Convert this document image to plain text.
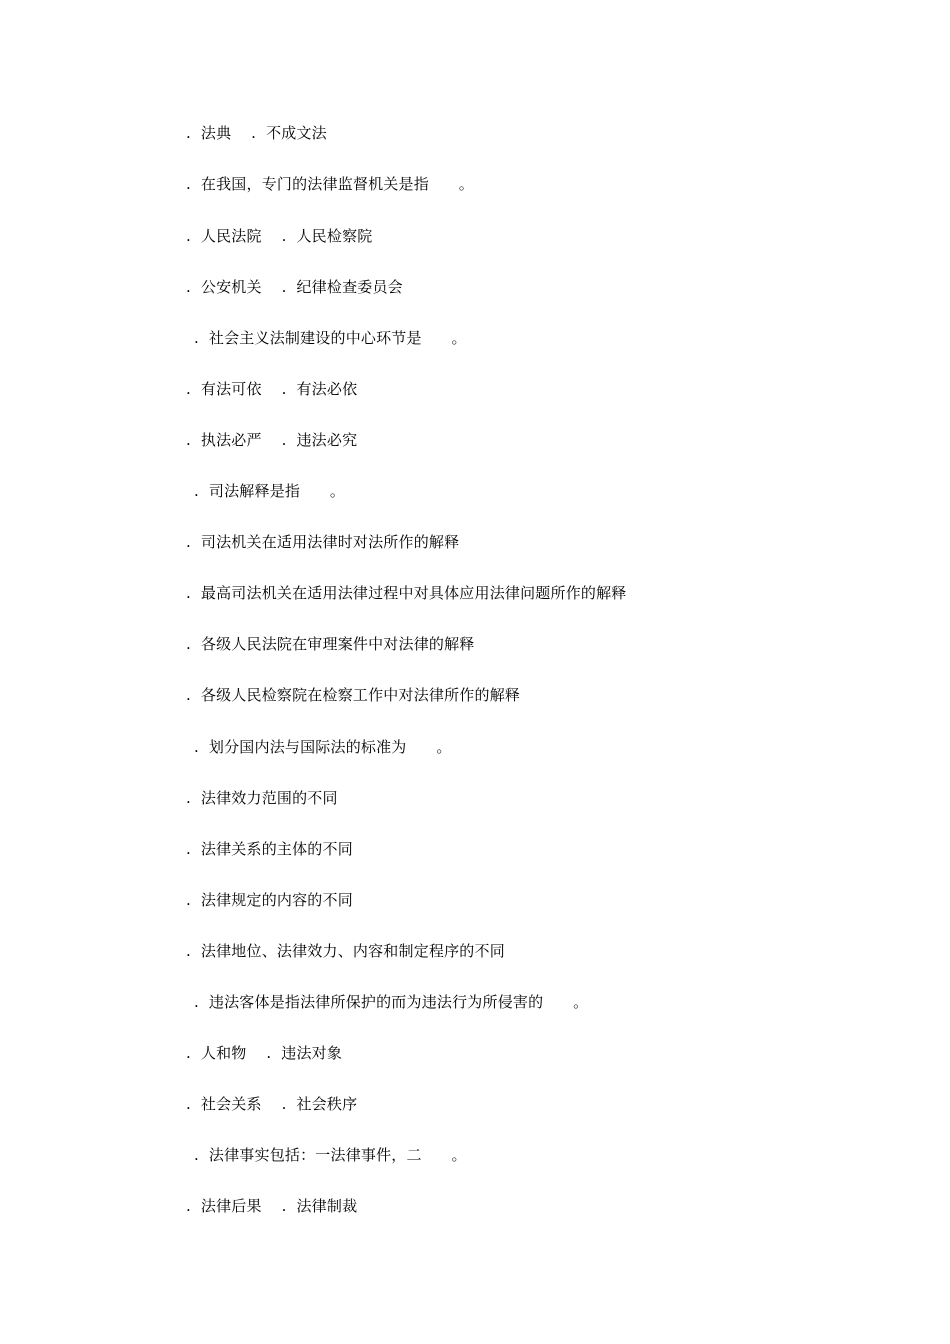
.  法典    .  不成文法
.  在我国，专门的法律监督机关是指      。
.  人民法院    .  人民检察院
.  公安机关    .  纪律检查委员会
.  社会主义法制建设的中心环节是      。
.  有法可依    .  有法必依
.  执法必严    .  违法必究
.  司法解释是指      。
.  司法机关在适用法律时对法所作的解释
.  最高司法机关在适用法律过程中对具体应用法律问题所作的解释
.  各级人民法院在审理案件中对法律的解释
.  各级人民检察院在检察工作中对法律所作的解释
.  划分国内法与国际法的标准为      。
.  法律效力范围的不同
.  法律关系的主体的不同
.  法律规定的内容的不同
.  法律地位、法律效力、内容和制定程序的不同
.  违法客体是指法律所保护的而为违法行为所侵害的      。
.  人和物    .  违法对象
.  社会关系    .  社会秩序
.  法律事实包括：一法律事件，二      。
.  法律后果    .  法律制裁
